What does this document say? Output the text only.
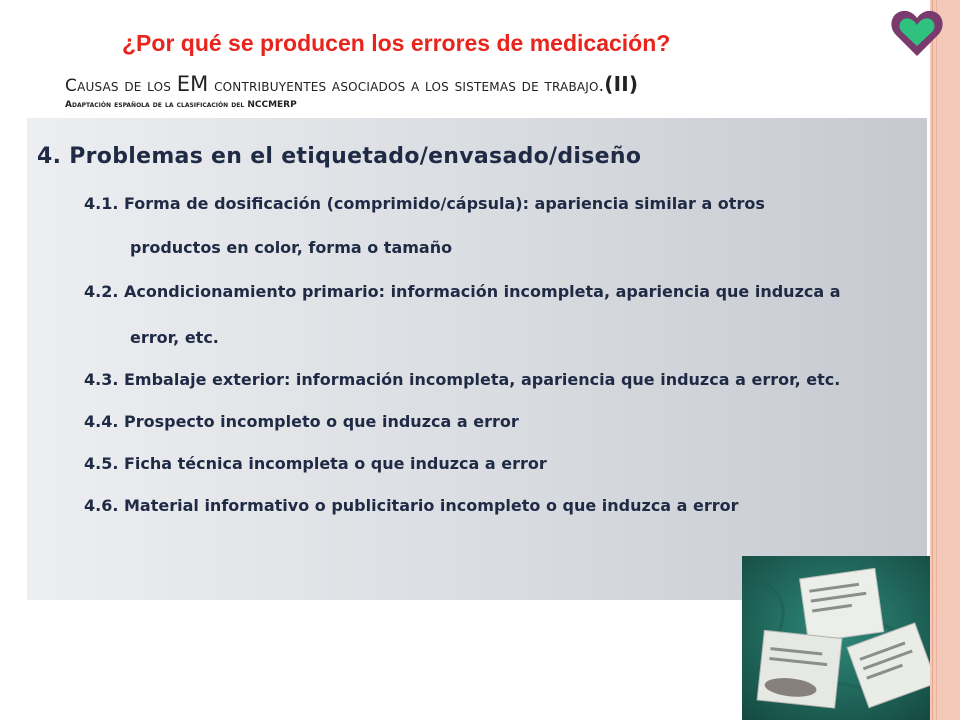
¿Por qué se producen los errores de medicación?

Causas de los EM contribuyentes asociados a los sistemas de trabajo.(II)

Adaptación española de la clasificación del NCCMERP

4. Problemas en el etiquetado/envasado/diseño

4.1. Forma de dosificación (comprimido/cápsula): apariencia similar a otros

productos en color, forma o tamaño

4.2. Acondicionamiento primario: información incompleta, apariencia que induzca a

error, etc.

4.3. Embalaje exterior: información incompleta, apariencia que induzca a error, etc.

4.4. Prospecto incompleto o que induzca a error

4.5. Ficha técnica incompleta o que induzca a error

4.6. Material informativo o publicitario incompleto o que induzca a error
